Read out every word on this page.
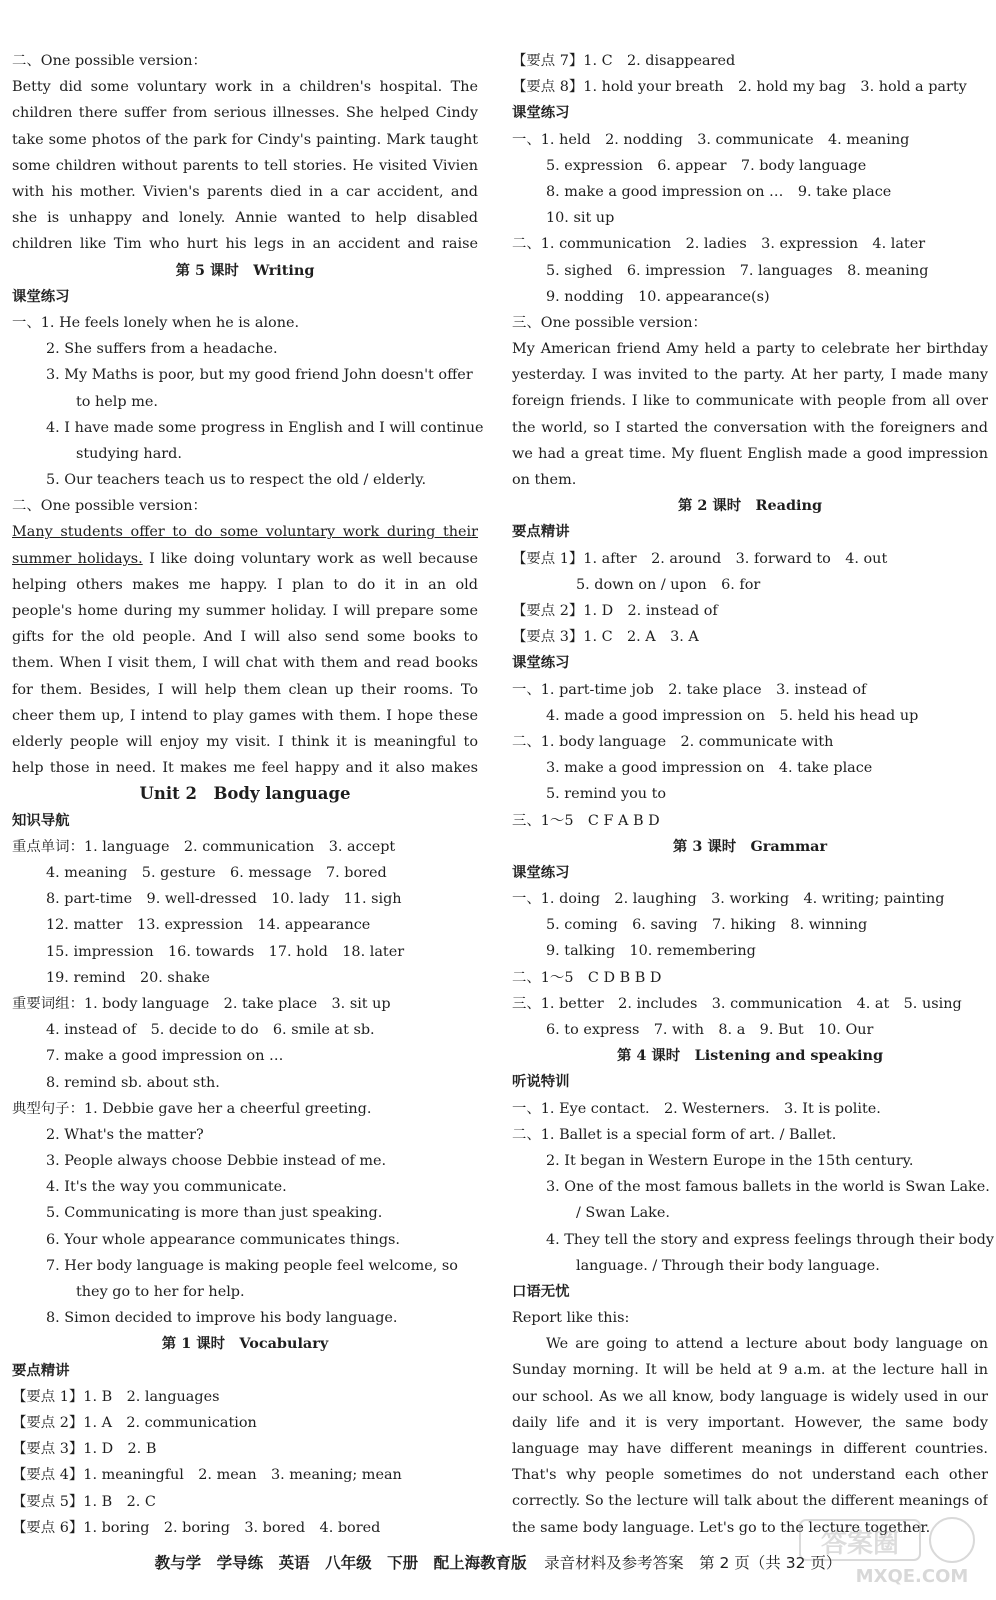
二、One possible version：
Betty did some voluntary work in a children's hospital. The children there suffer from serious illnesses. She helped Cindy take some photos of the park for Cindy's painting. Mark taught some children without parents to tell stories. He visited Vivien with his mother. Vivien's parents died in a car accident, and she is unhappy and lonely. Annie wanted to help disabled children like Tim who hurt his legs in an accident and raise
第 5 课时　Writing
课堂练习
一、1. He feels lonely when he is alone.
2. She suffers from a headache.
3. My Maths is poor, but my good friend John doesn't offer
to help me.
4. I have made some progress in English and I will continue
studying hard.
5. Our teachers teach us to respect the old / elderly.
二、One possible version：
Many students offer to do some voluntary work during their summer holidays. I like doing voluntary work as well because helping others makes me happy. I plan to do it in an old people's home during my summer holiday. I will prepare some gifts for the old people. And I will also send some books to them. When I visit them, I will chat with them and read books for them. Besides, I will help them clean up their rooms. To cheer them up, I intend to play games with them. I hope these elderly people will enjoy my visit. I think it is meaningful to help those in need. It makes me feel happy and it also makes
Unit 2　Body language
知识导航
重点单词：1. language　2. communication　3. accept
4. meaning　5. gesture　6. message　7. bored
8. part-time　9. well-dressed　10. lady　11. sigh
12. matter　13. expression　14. appearance
15. impression　16. towards　17. hold　18. later
19. remind　20. shake
重要词组：1. body language　2. take place　3. sit up
4. instead of　5. decide to do　6. smile at sb.
7. make a good impression on …
8. remind sb. about sth.
典型句子：1. Debbie gave her a cheerful greeting.
2. What's the matter?
3. People always choose Debbie instead of me.
4. It's the way you communicate.
5. Communicating is more than just speaking.
6. Your whole appearance communicates things.
7. Her body language is making people feel welcome, so
they go to her for help.
8. Simon decided to improve his body language.
第 1 课时　Vocabulary
要点精讲
【要点 1】1. B　2. languages
【要点 2】1. A　2. communication
【要点 3】1. D　2. B
【要点 4】1. meaningful　2. mean　3. meaning; mean
【要点 5】1. B　2. C
【要点 6】1. boring　2. boring　3. bored　4. bored
【要点 7】1. C　2. disappeared
【要点 8】1. hold your breath　2. hold my bag　3. hold a party
课堂练习
一、1. held　2. nodding　3. communicate　4. meaning
5. expression　6. appear　7. body language
8. make a good impression on …　9. take place
10. sit up
二、1. communication　2. ladies　3. expression　4. later
5. sighed　6. impression　7. languages　8. meaning
9. nodding　10. appearance(s)
三、One possible version：
My American friend Amy held a party to celebrate her birthday yesterday. I was invited to the party. At her party, I made many foreign friends. I like to communicate with people from all over the world, so I started the conversation with the foreigners and we had a great time. My fluent English made a good impression on them.
第 2 课时　Reading
要点精讲
【要点 1】1. after　2. around　3. forward to　4. out
5. down on / upon　6. for
【要点 2】1. D　2. instead of
【要点 3】1. C　2. A　3. A
课堂练习
一、1. part-time job　2. take place　3. instead of
4. made a good impression on　5. held his head up
二、1. body language　2. communicate with
3. make a good impression on　4. take place
5. remind you to
三、1～5　C F A B D
第 3 课时　Grammar
课堂练习
一、1. doing　2. laughing　3. working　4. writing; painting
5. coming　6. saving　7. hiking　8. winning
9. talking　10. remembering
二、1～5　C D B B D
三、1. better　2. includes　3. communication　4. at　5. using
6. to express　7. with　8. a　9. But　10. Our
第 4 课时　Listening and speaking
听说特训
一、1. Eye contact.　2. Westerners.　3. It is polite.
二、1. Ballet is a special form of art. / Ballet.
2. It began in Western Europe in the 15th century.
3. One of the most famous ballets in the world is Swan Lake.
/ Swan Lake.
4. They tell the story and express feelings through their body
language. / Through their body language.
口语无忧
Report like this:
We are going to attend a lecture about body language on Sunday morning. It will be held at 9 a.m. at the lecture hall in our school. As we all know, body language is widely used in our daily life and it is very important. However, the same body language may have different meanings in different countries. That's why people sometimes do not understand each other correctly. So the lecture will talk about the different meanings of the same body language. Let's go to the lecture together.
教与学　学导练　英语　八年级　下册　配上海教育版 录音材料及参考答案　第 2 页（共 32 页）
答案圈
MXQE.COM
